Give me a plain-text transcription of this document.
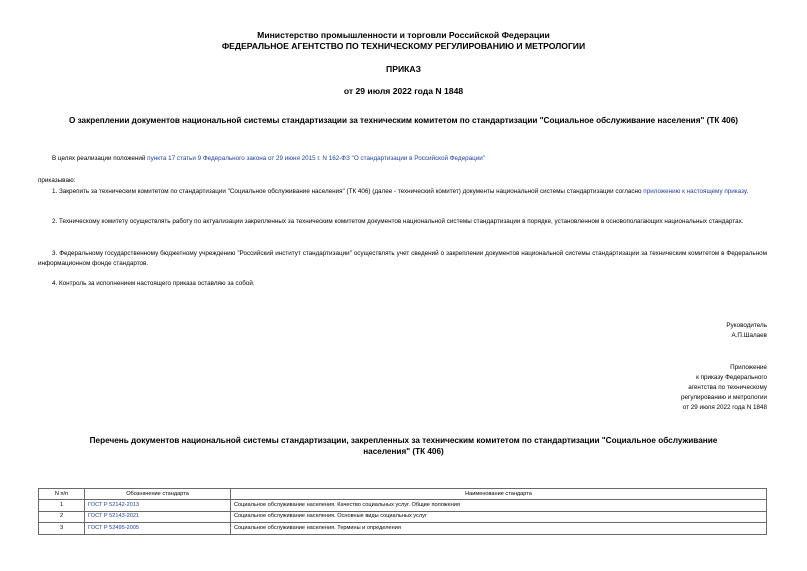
Министерство промышленности и торговли Российской Федерации
ФЕДЕРАЛЬНОЕ АГЕНТСТВО ПО ТЕХНИЧЕСКОМУ РЕГУЛИРОВАНИЮ И МЕТРОЛОГИИ
ПРИКАЗ
от 29 июля 2022 года N 1848
О закреплении документов национальной системы стандартизации за техническим комитетом по стандартизации "Социальное обслуживание населения" (ТК 406)
В целях реализации положений пункта 17 статьи 9 Федерального закона от 29 июня 2015 г. N 162-ФЗ "О стандартизации в Российской Федерации"
приказываю:
1. Закрепить за техническим комитетом по стандартизации "Социальное обслуживание населения" (ТК 406) (далее - технический комитет) документы национальной системы стандартизации согласно приложению к настоящему приказу.
2. Техническому комитету осуществлять работу по актуализации закрепленных за техническим комитетом документов национальной системы стандартизации в порядке, установленном в основополагающих национальных стандартах.
3. Федеральному государственному бюджетному учреждению "Российский институт стандартизации" осуществлять учет сведений о закреплении документов национальной системы стандартизации за техническим комитетом в Федеральном информационном фонде стандартов.
4. Контроль за исполнением настоящего приказа оставляю за собой.
Руководитель
А.П.Шалаев
Приложение
к приказу Федерального
агентства по техническому
регулированию и метрологии
от 29 июля 2022 года N 1848
Перечень документов национальной системы стандартизации, закрепленных за техническим комитетом по стандартизации "Социальное обслуживание
населения" (ТК 406)
N п/п	Обозначение стандарта	Наименование стандарта
1	ГОСТ Р 52142-2013	Социальное обслуживание населения. Качество социальных услуг. Общие положения
2	ГОСТ Р 52143-2021	Социальное обслуживание населения. Основные виды социальных услуг
3	ГОСТ Р 52495-2005	Социальное обслуживание населения. Термины и определения
